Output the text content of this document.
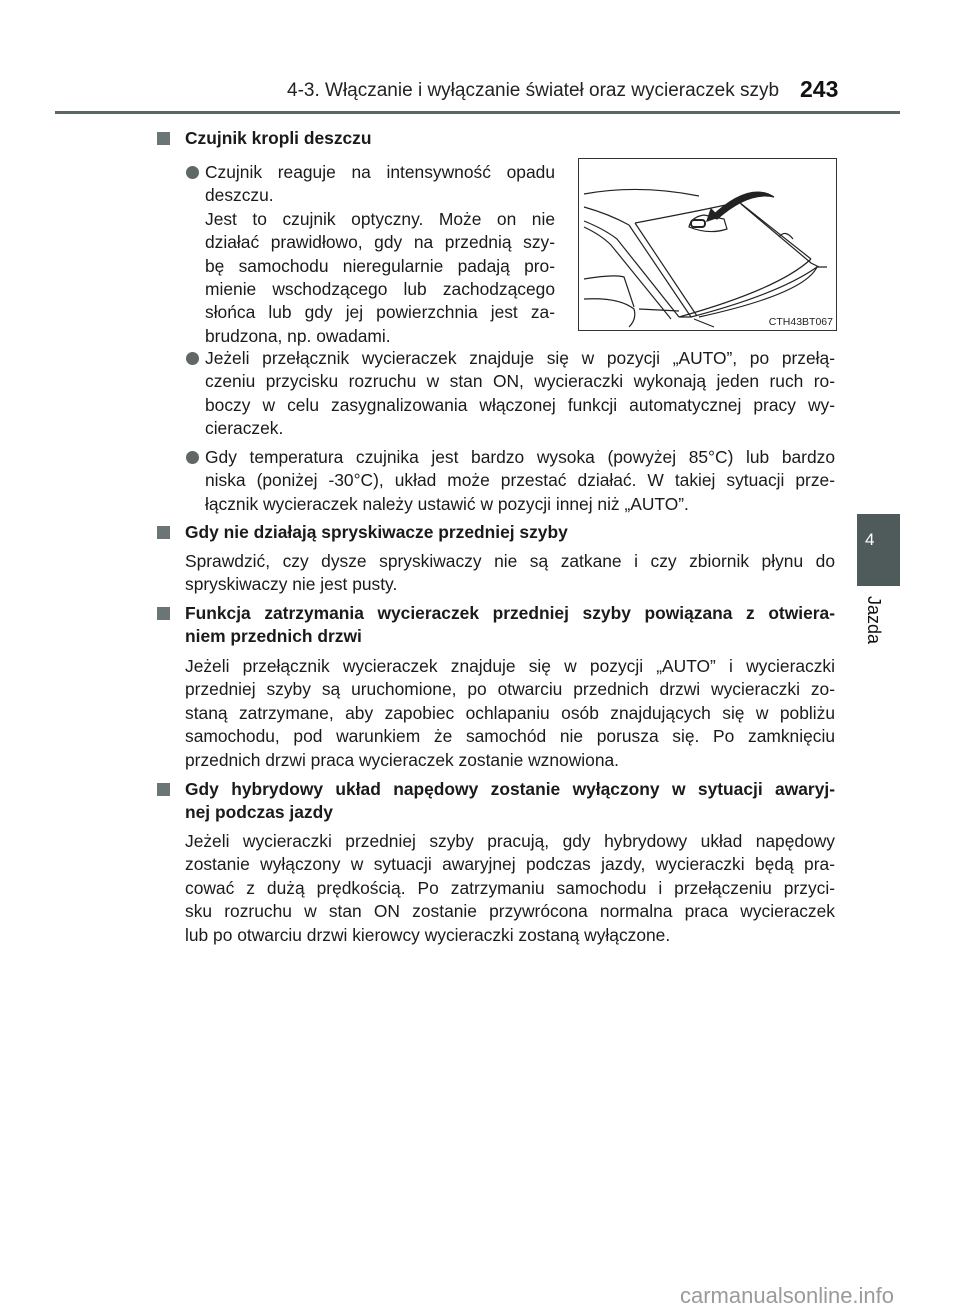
4-3. Włączanie i wyłączanie świateł oraz wycieraczek szyb 243
4
Jazda
CTH43BT067
Czujnik kropli deszczu
Czujnik reaguje na intensywność opadu
deszczu.
Jest to czujnik optyczny. Może on nie
działać prawidłowo, gdy na przednią szy-
bę samochodu nieregularnie padają pro-
mienie wschodzącego lub zachodzącego
słońca lub gdy jej powierzchnia jest za-
brudzona, np. owadami.
Jeżeli przełącznik wycieraczek znajduje się w pozycji „AUTO”, po przełą-
czeniu przycisku rozruchu w stan ON, wycieraczki wykonają jeden ruch ro-
boczy w celu zasygnalizowania włączonej funkcji automatycznej pracy wy-
cieraczek.
Gdy temperatura czujnika jest bardzo wysoka (powyżej 85°C) lub bardzo
niska (poniżej -30°C), układ może przestać działać. W takiej sytuacji prze-
łącznik wycieraczek należy ustawić w pozycji innej niż „AUTO”.
Gdy nie działają spryskiwacze przedniej szyby
Sprawdzić, czy dysze spryskiwaczy nie są zatkane i czy zbiornik płynu do
spryskiwaczy nie jest pusty.
Funkcja zatrzymania wycieraczek przedniej szyby powiązana z otwiera-
niem przednich drzwi
Jeżeli przełącznik wycieraczek znajduje się w pozycji „AUTO” i wycieraczki
przedniej szyby są uruchomione, po otwarciu przednich drzwi wycieraczki zo-
staną zatrzymane, aby zapobiec ochlapaniu osób znajdujących się w pobliżu
samochodu, pod warunkiem że samochód nie porusza się. Po zamknięciu
przednich drzwi praca wycieraczek zostanie wznowiona.
Gdy hybrydowy układ napędowy zostanie wyłączony w sytuacji awaryj-
nej podczas jazdy
Jeżeli wycieraczki przedniej szyby pracują, gdy hybrydowy układ napędowy
zostanie wyłączony w sytuacji awaryjnej podczas jazdy, wycieraczki będą pra-
cować z dużą prędkością. Po zatrzymaniu samochodu i przełączeniu przyci-
sku rozruchu w stan ON zostanie przywrócona normalna praca wycieraczek
lub po otwarciu drzwi kierowcy wycieraczki zostaną wyłączone.
carmanualsonline.info
